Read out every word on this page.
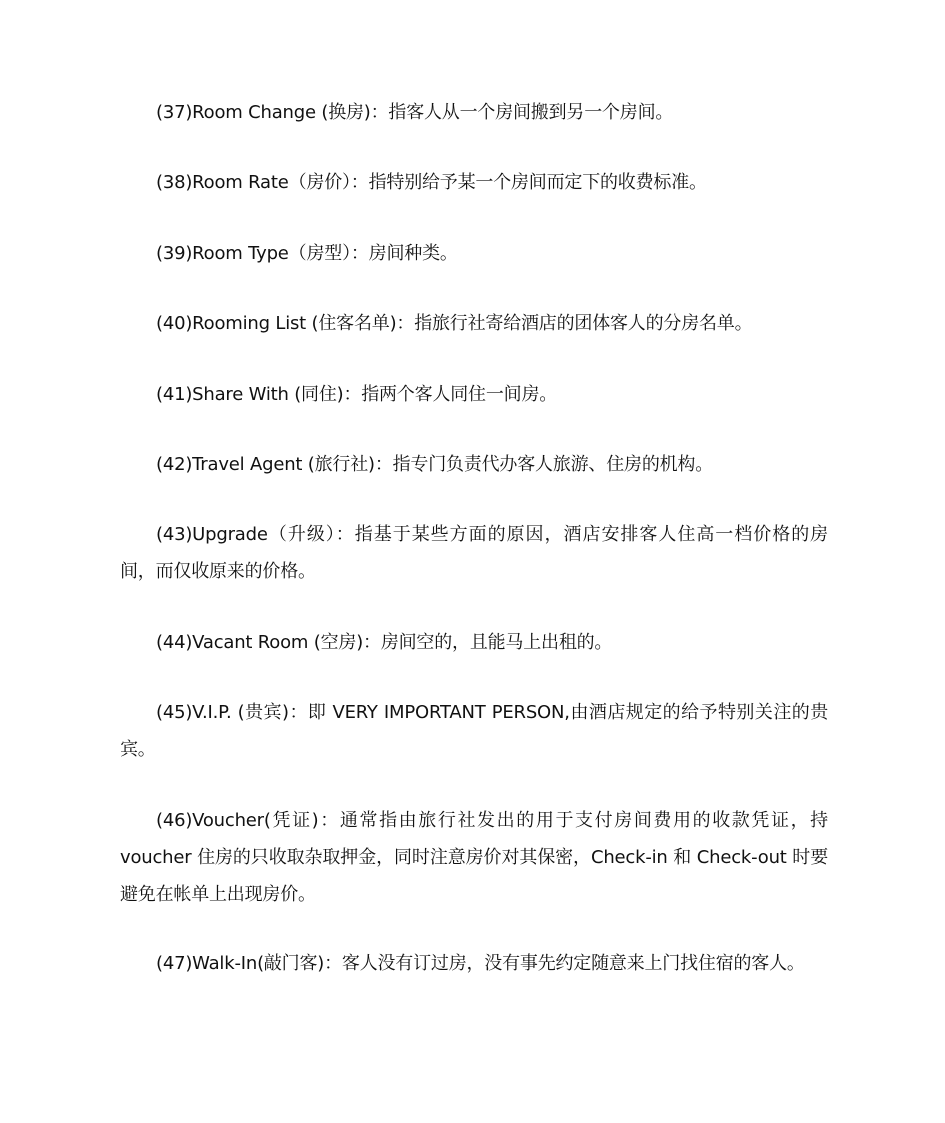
(37)Room Change (换房)：指客人从一个房间搬到另一个房间。

(38)Room Rate（房价）：指特别给予某一个房间而定下的收费标准。

(39)Room Type（房型）：房间种类。

(40)Rooming List (住客名单)：指旅行社寄给酒店的团体客人的分房名单。

(41)Share With (同住)：指两个客人同住一间房。

(42)Travel Agent (旅行社)：指专门负责代办客人旅游、住房的机构。

(43)Upgrade（升级）：指基于某些方面的原因，酒店安排客人住高一档价格的房间，而仅收原来的价格。

(44)Vacant Room (空房)：房间空的，且能马上出租的。

(45)V.I.P. (贵宾)：即 VERY IMPORTANT PERSON,由酒店规定的给予特别关注的贵宾。

(46)Voucher(凭证)：通常指由旅行社发出的用于支付房间费用的收款凭证，持voucher 住房的只收取杂取押金，同时注意房价对其保密，Check-in 和 Check-out 时要避免在帐单上出现房价。

(47)Walk-In(敲门客)：客人没有订过房，没有事先约定随意来上门找住宿的客人。
